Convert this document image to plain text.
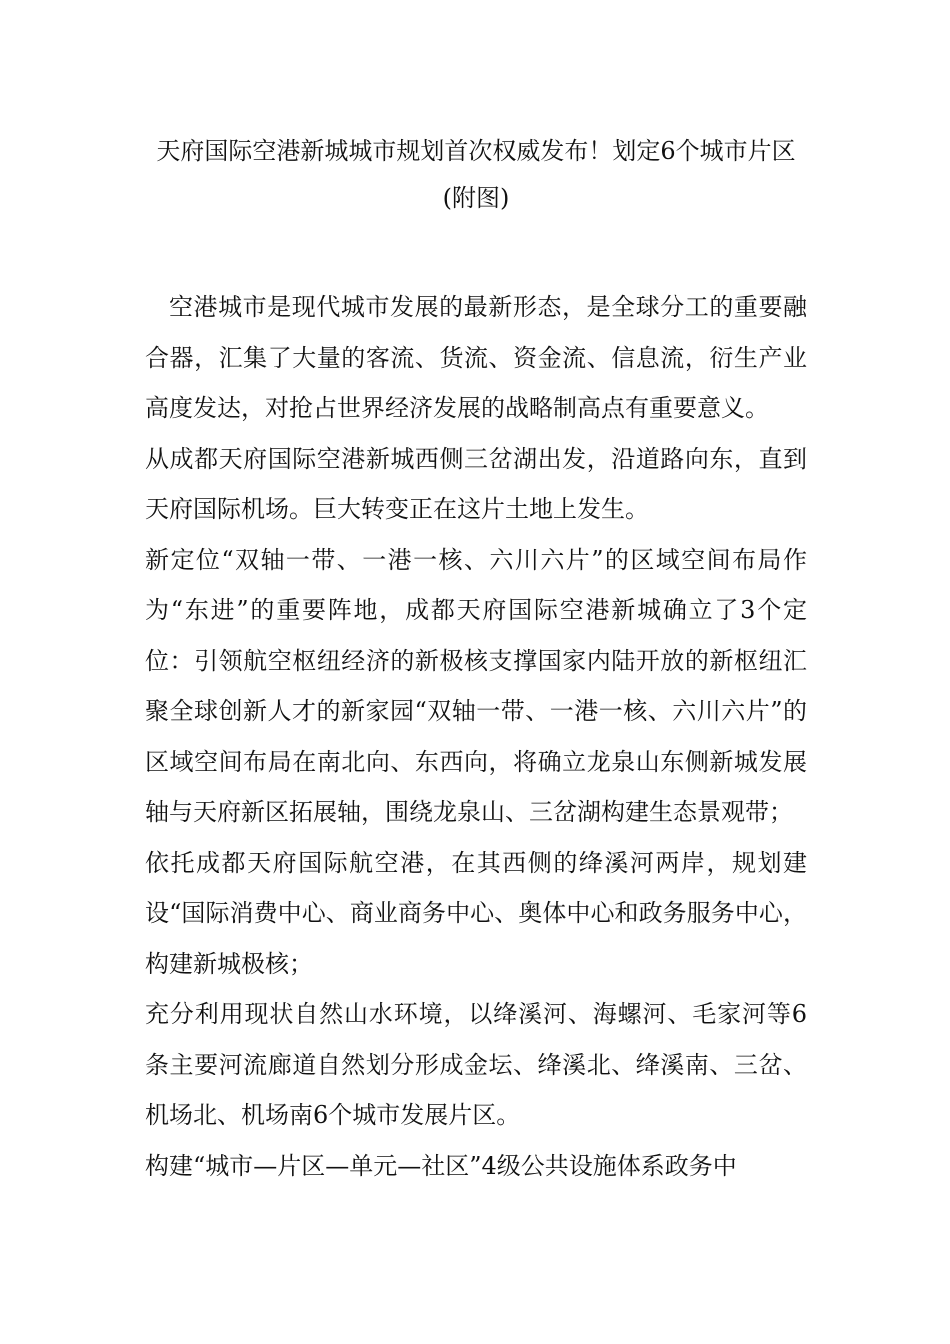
天府国际空港新城城市规划首次权威发布！划定6个城市片区 (附图)

空港城市是现代城市发展的最新形态，是全球分工的重要融合器，汇集了大量的客流、货流、资金流、信息流，衍生产业高度发达，对抢占世界经济发展的战略制高点有重要意义。

从成都天府国际空港新城西侧三岔湖出发，沿道路向东，直到天府国际机场。巨大转变正在这片土地上发生。

新定位“双轴一带、一港一核、六川六片”的区域空间布局作为“东进”的重要阵地，成都天府国际空港新城确立了3个定位：引领航空枢纽经济的新极核支撑国家内陆开放的新枢纽汇聚全球创新人才的新家园“双轴一带、一港一核、六川六片”的区域空间布局在南北向、东西向，将确立龙泉山东侧新城发展轴与天府新区拓展轴，围绕龙泉山、三岔湖构建生态景观带；

依托成都天府国际航空港，在其西侧的绛溪河两岸，规划建设“国际消费中心、商业商务中心、奥体中心和政务服务中心，构建新城极核；

充分利用现状自然山水环境，以绛溪河、海螺河、毛家河等6条主要河流廊道自然划分形成金坛、绛溪北、绛溪南、三岔、机场北、机场南6个城市发展片区。

构建“城市—片区—单元—社区”4级公共设施体系政务中
